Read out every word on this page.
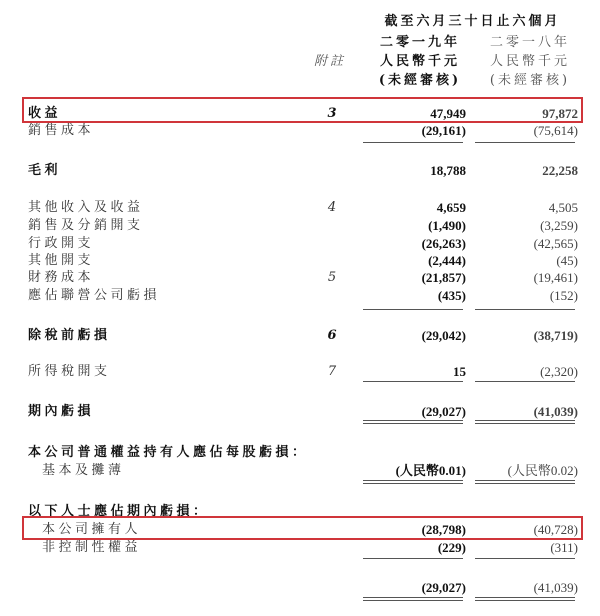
截至六月三十日止六個月
二零一九年	二零一八年
附註	人民幣千元	人民幣千元
(未經審核)	(未經審核)
收益	3	47,949	97,872
銷售成本	(29,161)	(75,614)
毛利	18,788	22,258
其他收入及收益	4	4,659	4,505
銷售及分銷開支	(1,490)	(3,259)
行政開支	(26,263)	(42,565)
其他開支	(2,444)	(45)
財務成本	5	(21,857)	(19,461)
應佔聯營公司虧損	(435)	(152)
除稅前虧損	6	(29,042)	(38,719)
所得稅開支	7	15	(2,320)
期內虧損	(29,027)	(41,039)
本公司普通權益持有人應佔每股虧損：
基本及攤薄	(人民幣0.01)	(人民幣0.02)
以下人士應佔期內虧損：
本公司擁有人	(28,798)	(40,728)
非控制性權益	(229)	(311)
(29,027)	(41,039)
